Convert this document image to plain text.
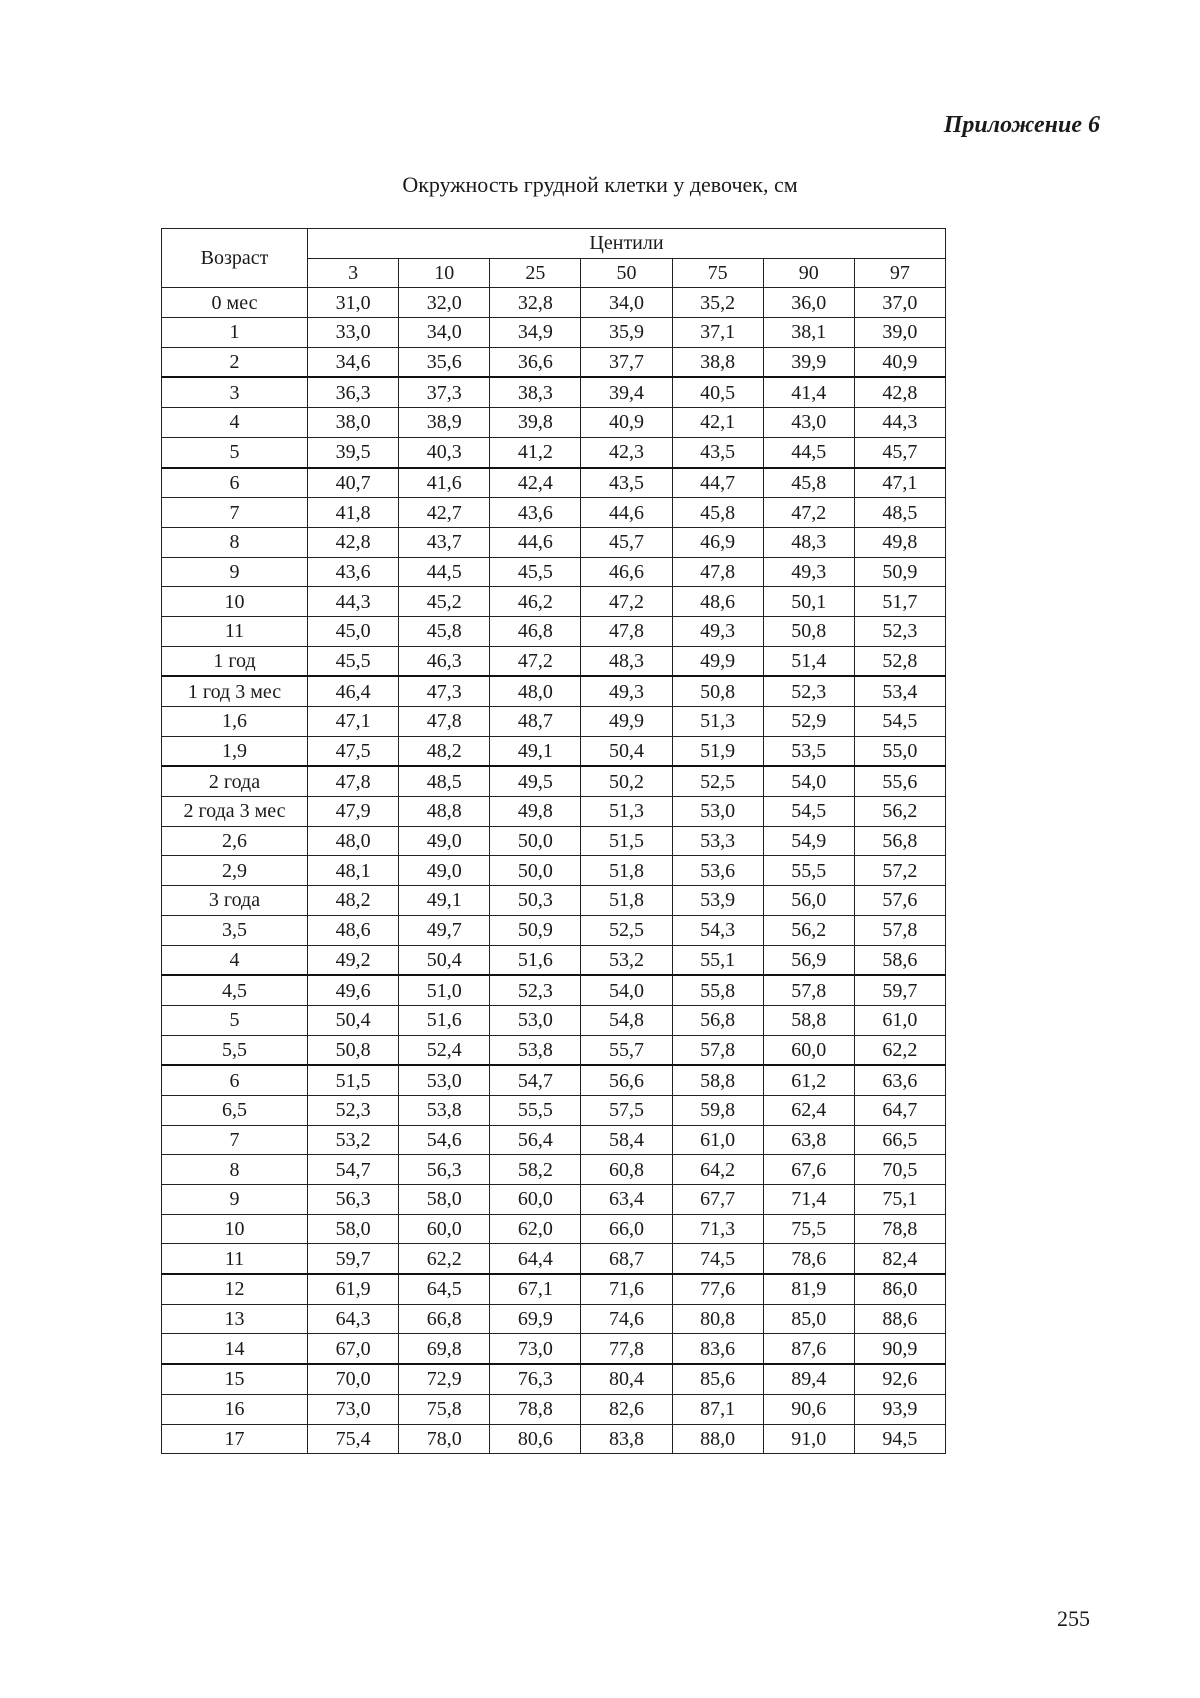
Приложение 6

Окружность грудной клетки у девочек, см
Возраст	Центили						
	3	10	25	50	75	90	97
0 мес	31,0	32,0	32,8	34,0	35,2	36,0	37,0
1	33,0	34,0	34,9	35,9	37,1	38,1	39,0
2	34,6	35,6	36,6	37,7	38,8	39,9	40,9
3	36,3	37,3	38,3	39,4	40,5	41,4	42,8
4	38,0	38,9	39,8	40,9	42,1	43,0	44,3
5	39,5	40,3	41,2	42,3	43,5	44,5	45,7
6	40,7	41,6	42,4	43,5	44,7	45,8	47,1
7	41,8	42,7	43,6	44,6	45,8	47,2	48,5
8	42,8	43,7	44,6	45,7	46,9	48,3	49,8
9	43,6	44,5	45,5	46,6	47,8	49,3	50,9
10	44,3	45,2	46,2	47,2	48,6	50,1	51,7
11	45,0	45,8	46,8	47,8	49,3	50,8	52,3
1 год	45,5	46,3	47,2	48,3	49,9	51,4	52,8
1 год 3 мес	46,4	47,3	48,0	49,3	50,8	52,3	53,4
1,6	47,1	47,8	48,7	49,9	51,3	52,9	54,5
1,9	47,5	48,2	49,1	50,4	51,9	53,5	55,0
2 года	47,8	48,5	49,5	50,2	52,5	54,0	55,6
2 года 3 мес	47,9	48,8	49,8	51,3	53,0	54,5	56,2
2,6	48,0	49,0	50,0	51,5	53,3	54,9	56,8
2,9	48,1	49,0	50,0	51,8	53,6	55,5	57,2
3 года	48,2	49,1	50,3	51,8	53,9	56,0	57,6
3,5	48,6	49,7	50,9	52,5	54,3	56,2	57,8
4	49,2	50,4	51,6	53,2	55,1	56,9	58,6
4,5	49,6	51,0	52,3	54,0	55,8	57,8	59,7
5	50,4	51,6	53,0	54,8	56,8	58,8	61,0
5,5	50,8	52,4	53,8	55,7	57,8	60,0	62,2
6	51,5	53,0	54,7	56,6	58,8	61,2	63,6
6,5	52,3	53,8	55,5	57,5	59,8	62,4	64,7
7	53,2	54,6	56,4	58,4	61,0	63,8	66,5
8	54,7	56,3	58,2	60,8	64,2	67,6	70,5
9	56,3	58,0	60,0	63,4	67,7	71,4	75,1
10	58,0	60,0	62,0	66,0	71,3	75,5	78,8
11	59,7	62,2	64,4	68,7	74,5	78,6	82,4
12	61,9	64,5	67,1	71,6	77,6	81,9	86,0
13	64,3	66,8	69,9	74,6	80,8	85,0	88,6
14	67,0	69,8	73,0	77,8	83,6	87,6	90,9
15	70,0	72,9	76,3	80,4	85,6	89,4	92,6
16	73,0	75,8	78,8	82,6	87,1	90,6	93,9
17	75,4	78,0	80,6	83,8	88,0	91,0	94,5

255
